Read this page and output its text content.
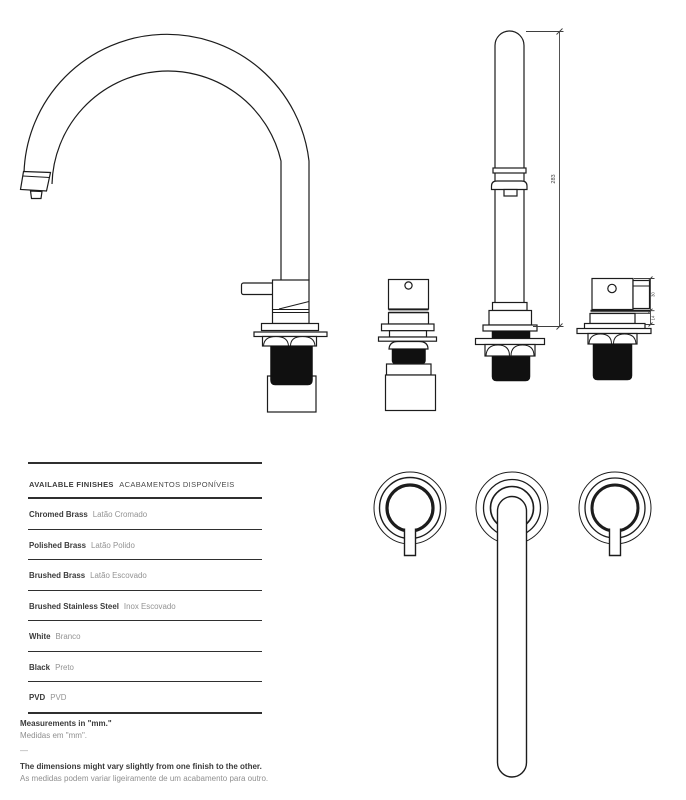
283
30
14
AVAILABLE FINISHES ACABAMENTOS DISPONÍVEIS
Chromed Brass Latão Cromado
Polished Brass Latão Polido
Brushed Brass Latão Escovado
Brushed Stainless Steel Inox Escovado
White Branco
Black Preto
PVD PVD
Measurements in "mm."
Medidas em "mm".
—
The dimensions might vary slightly from one finish to the other.
As medidas podem variar ligeiramente de um acabamento para outro.
